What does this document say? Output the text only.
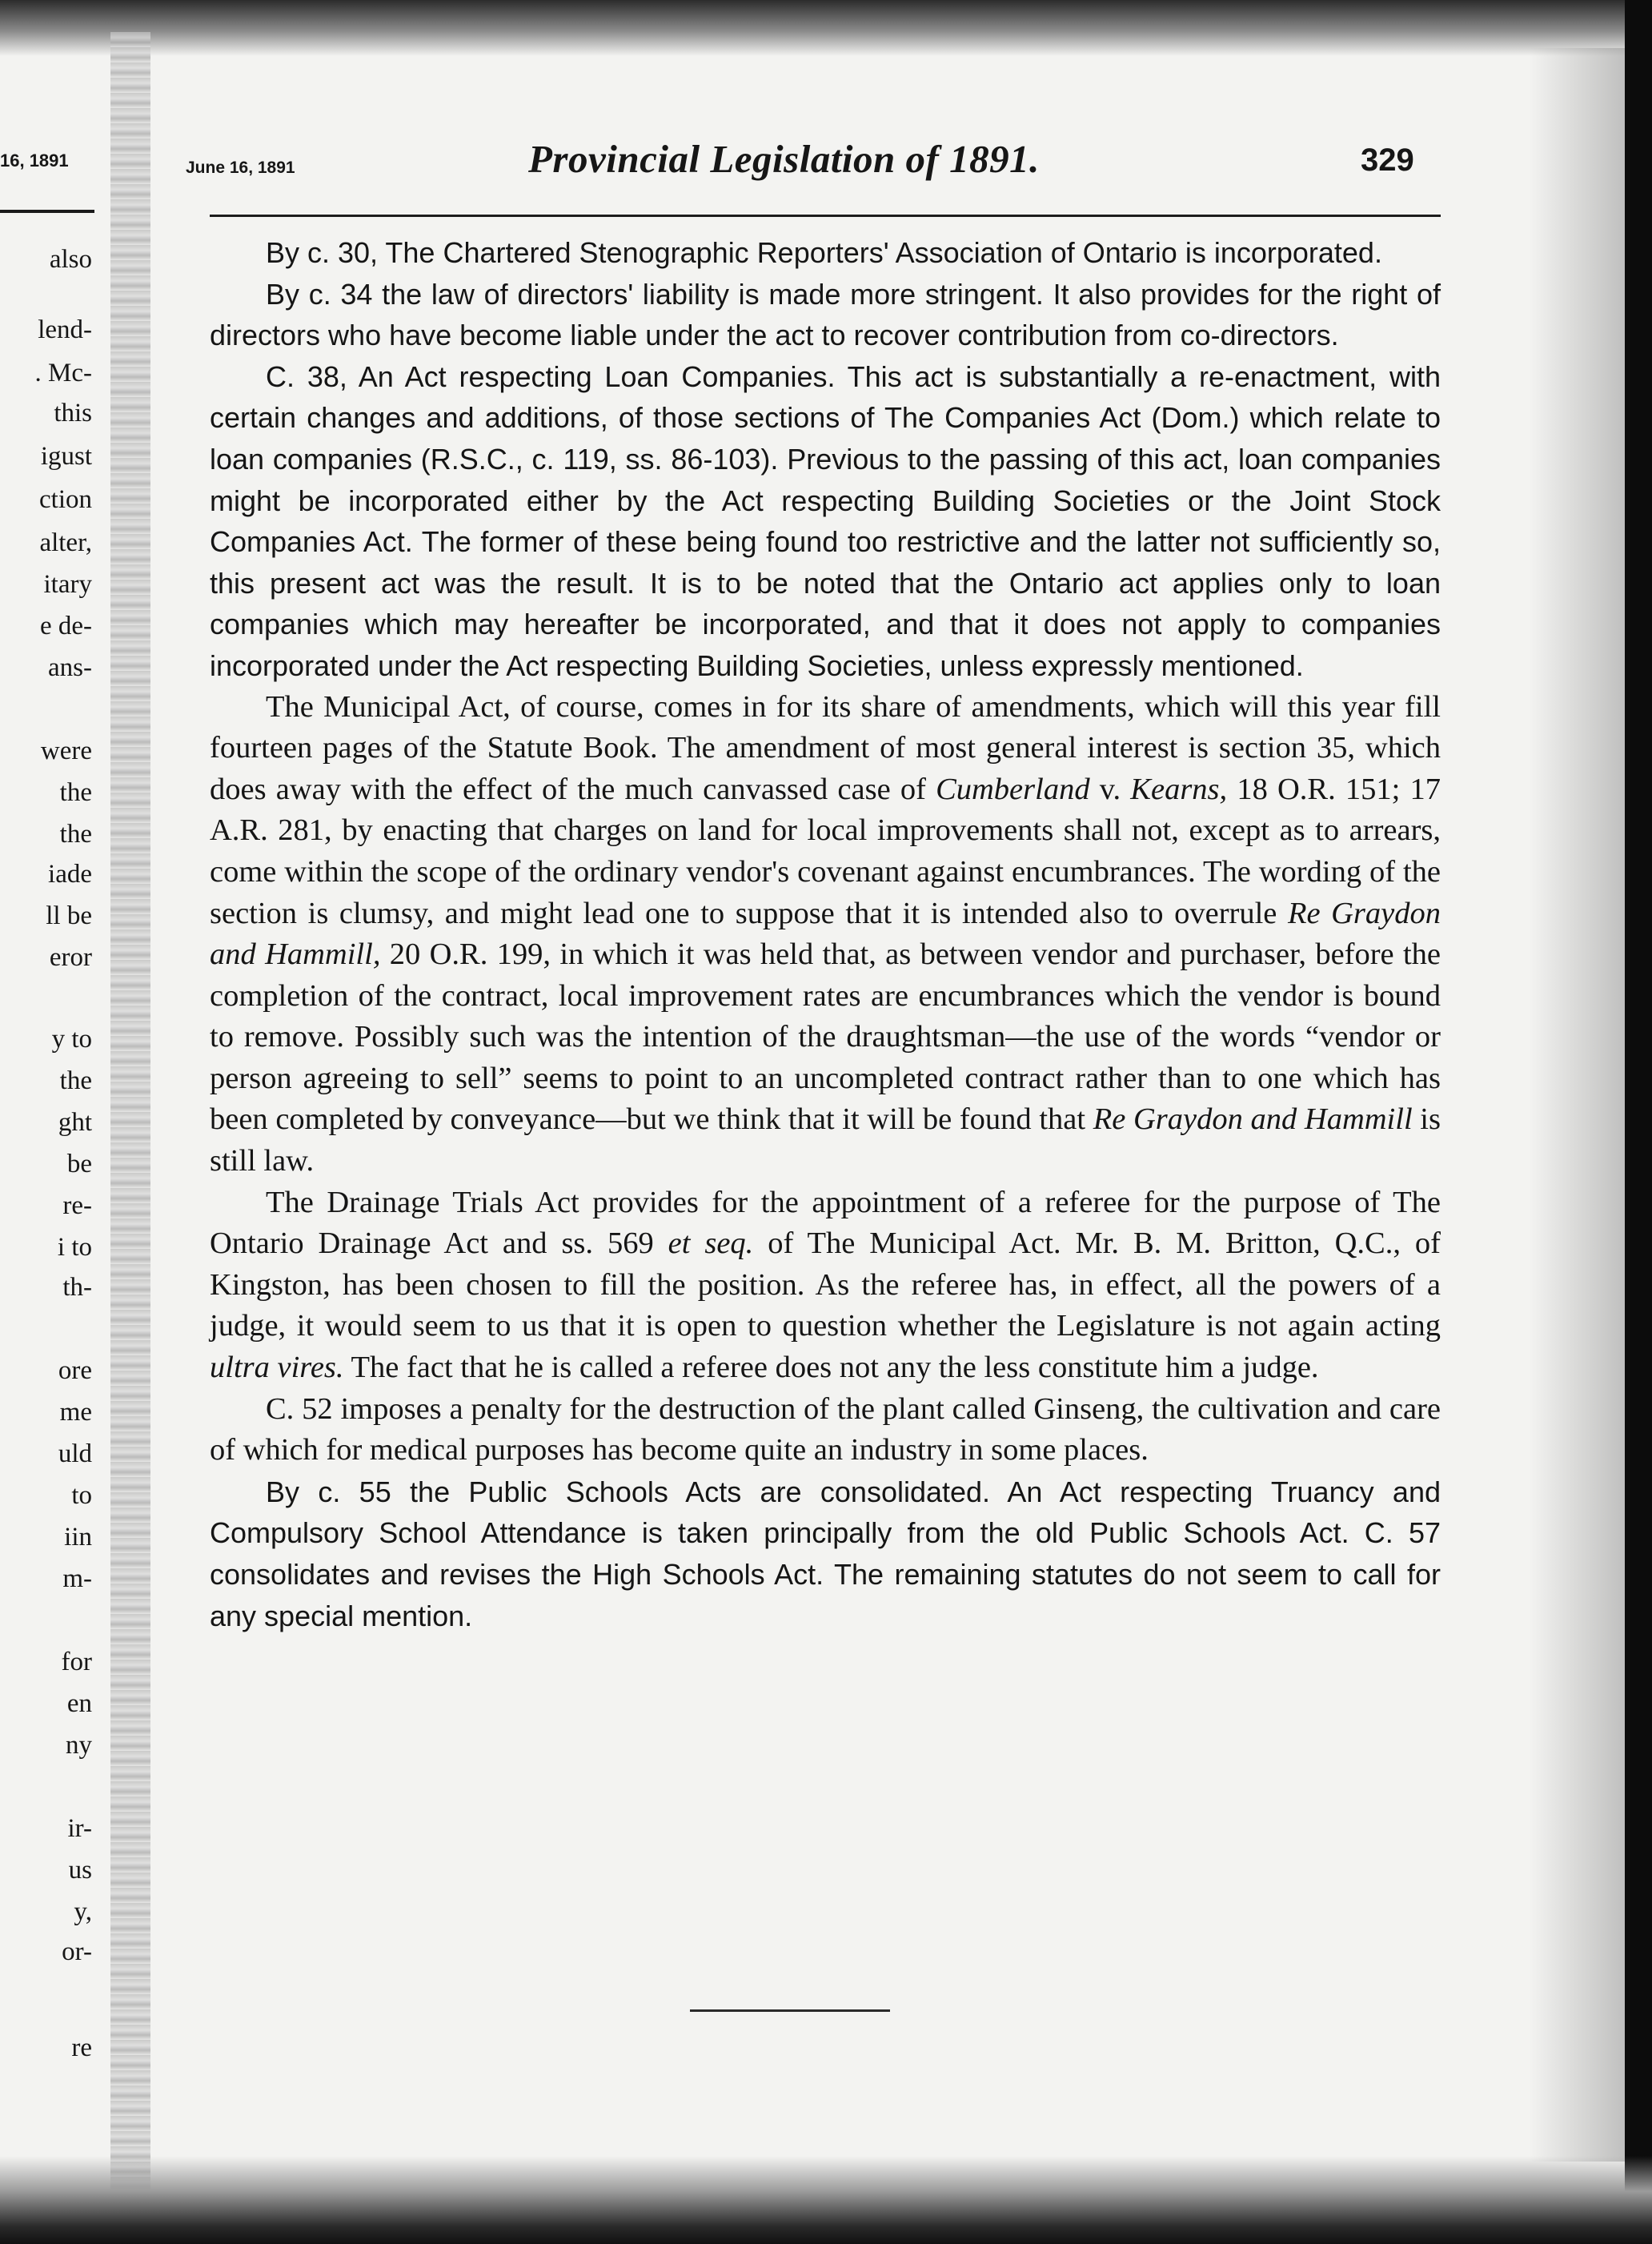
16, 1891
also
lend-
. Mc-
this
igust
ction
alter,
itary
e de-
ans-
were
the
the
iade
ll be
eror
y to
the
ght
be
re-
i to
th-
ore
me
uld
to
iin
m-
for
en
ny
ir-
us
y,
or-
re
June 16, 1891	Provincial Legislation of 1891.	329

By c. 30, The Chartered Stenographic Reporters' Association of Ontario is incorporated.

By c. 34 the law of directors' liability is made more stringent. It also provides for the right of directors who have become liable under the act to recover contribution from co-directors.

C. 38, An Act respecting Loan Companies. This act is substantially a re-enactment, with certain changes and additions, of those sections of The Companies Act (Dom.) which relate to loan companies (R.S.C., c. 119, ss. 86-103). Previous to the passing of this act, loan companies might be incorporated either by the Act respecting Building Societies or the Joint Stock Companies Act. The former of these being found too restrictive and the latter not sufficiently so, this present act was the result. It is to be noted that the Ontario act applies only to loan companies which may hereafter be incorporated, and that it does not apply to companies incorporated under the Act respecting Building Societies, unless expressly mentioned.

The Municipal Act, of course, comes in for its share of amendments, which will this year fill fourteen pages of the Statute Book. The amendment of most general interest is section 35, which does away with the effect of the much canvassed case of Cumberland v. Kearns, 18 O.R. 151; 17 A.R. 281, by enacting that charges on land for local improvements shall not, except as to arrears, come within the scope of the ordinary vendor's covenant against encumbrances. The wording of the section is clumsy, and might lead one to suppose that it is intended also to overrule Re Graydon and Hammill, 20 O.R. 199, in which it was held that, as between vendor and purchaser, before the completion of the contract, local improvement rates are encumbrances which the vendor is bound to remove. Possibly such was the intention of the draughtsman—the use of the words “vendor or person agreeing to sell” seems to point to an uncompleted contract rather than to one which has been completed by conveyance—but we think that it will be found that Re Graydon and Hammill is still law.

The Drainage Trials Act provides for the appointment of a referee for the purpose of The Ontario Drainage Act and ss. 569 et seq. of The Municipal Act. Mr. B. M. Britton, Q.C., of Kingston, has been chosen to fill the position. As the referee has, in effect, all the powers of a judge, it would seem to us that it is open to question whether the Legislature is not again acting ultra vires. The fact that he is called a referee does not any the less constitute him a judge.

C. 52 imposes a penalty for the destruction of the plant called Ginseng, the cultivation and care of which for medical purposes has become quite an industry in some places.

By c. 55 the Public Schools Acts are consolidated. An Act respecting Truancy and Compulsory School Attendance is taken principally from the old Public Schools Act. C. 57 consolidates and revises the High Schools Act. The remaining statutes do not seem to call for any special mention.
